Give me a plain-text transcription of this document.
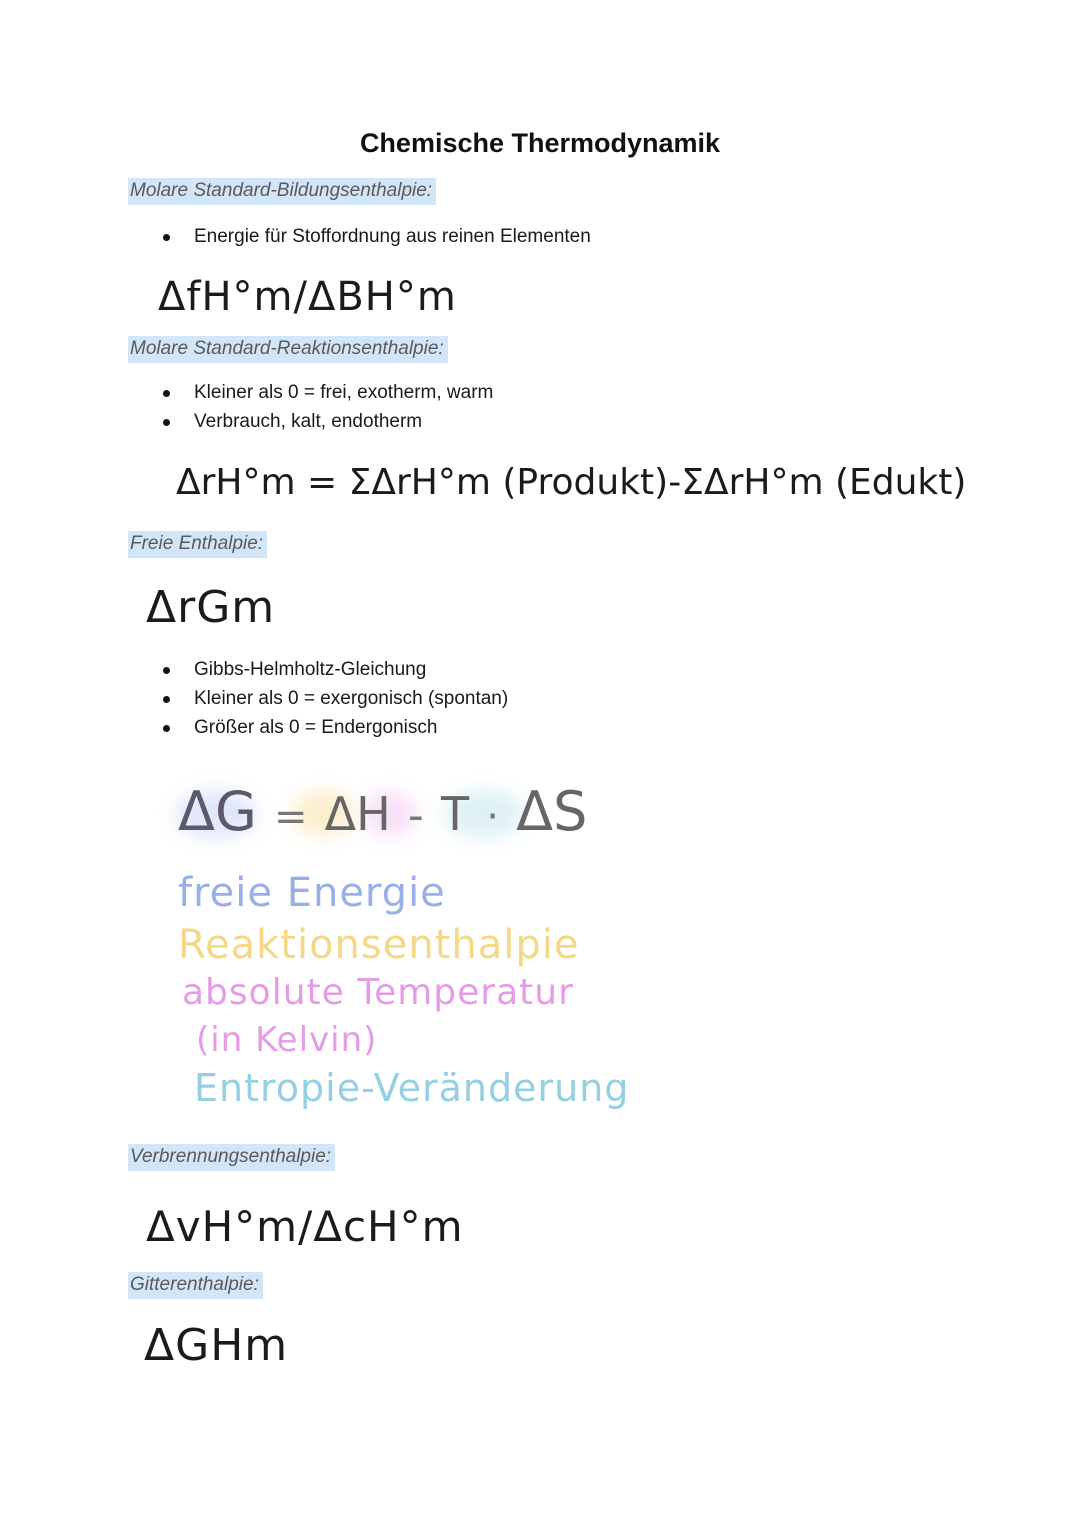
Chemische Thermodynamik
Molare Standard-Bildungsenthalpie:
Energie für Stoffordnung aus reinen Elementen
ΔfH°m/ΔBH°m
Molare Standard-Reaktionsenthalpie:
Kleiner als 0 = frei, exotherm, warm
Verbrauch, kalt, endotherm
ΔrH°m = ΣΔrH°m (Produkt)-ΣΔrH°m (Edukt)
Freie Enthalpie:
ΔrGm
Gibbs-Helmholtz-Gleichung
Kleiner als 0 = exergonisch (spontan)
Größer als 0 = Endergonisch
ΔG = ΔH - T · ΔS
freie Energie
Reaktionsenthalpie
absolute Temperatur
(in Kelvin)
Entropie-Veränderung
Verbrennungsenthalpie:
ΔvH°m/ΔcH°m
Gitterenthalpie:
ΔGHm
